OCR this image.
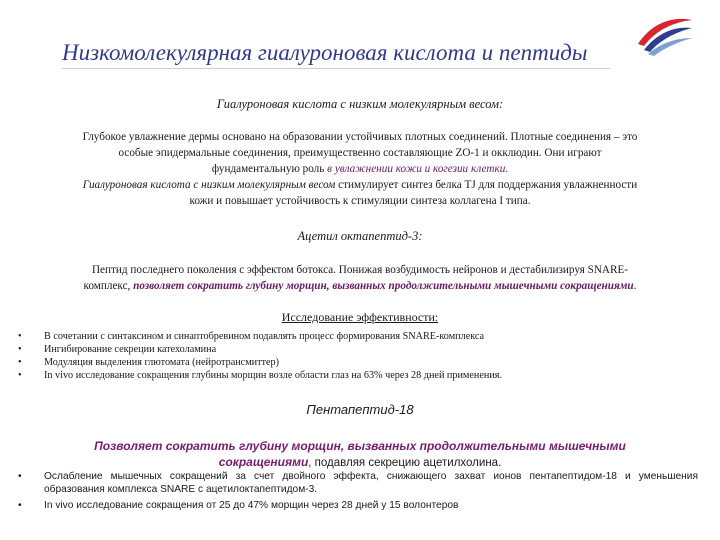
Низкомолекулярная гиалуроновая кислота и пептиды
Гиалуроновая кислота с низким молекулярным весом:
Глубокое увлажнение дермы основано на образовании устойчивых плотных соединений. Плотные соединения – это
особые эпидермальные соединения, преимущественно составляющие ZO-1 и окклюдин. Они играют
фундаментальную роль в увлажнении кожи и когезии клетки.
Гиалуроновая кислота с низким молекулярным весом стимулирует синтез белка TJ для поддержания увлажненности
кожи и повышает устойчивость к стимуляции синтеза коллагена I типа.
Ацетил октапептид-3:
Пептид последнего поколения с эффектом ботокса. Понижая возбудимость нейронов и дестабилизируя SNARE-
комплекс, позволяет сократить глубину морщин, вызванных продолжительными мышечными сокращениями.
Исследование эффективности:
• В сочетании с синтаксином и синаптобревином подавлять процесс формирования SNARE-комплекса
• Ингибирование секреции катехоламина
• Модуляция выделения глютомата (нейротрансмиттер)
• In vivo исследование сокращения глубины морщин возле области глаз на 63% через 28 дней применения.
Пентапептид-18
Позволяет сократить глубину морщин, вызванных продолжительными мышечными
сокращениями, подавляя секрецию ацетилхолина.
• Ослабление мышечных сокращений за счет двойного эффекта, снижающего захват ионов пентапептидом-18 и уменьшения образования комплекса SNARE с ацетилоктапептидом-3.
• In vivo исследование сокращения от 25 до 47% морщин через 28 дней у 15 волонтеров
